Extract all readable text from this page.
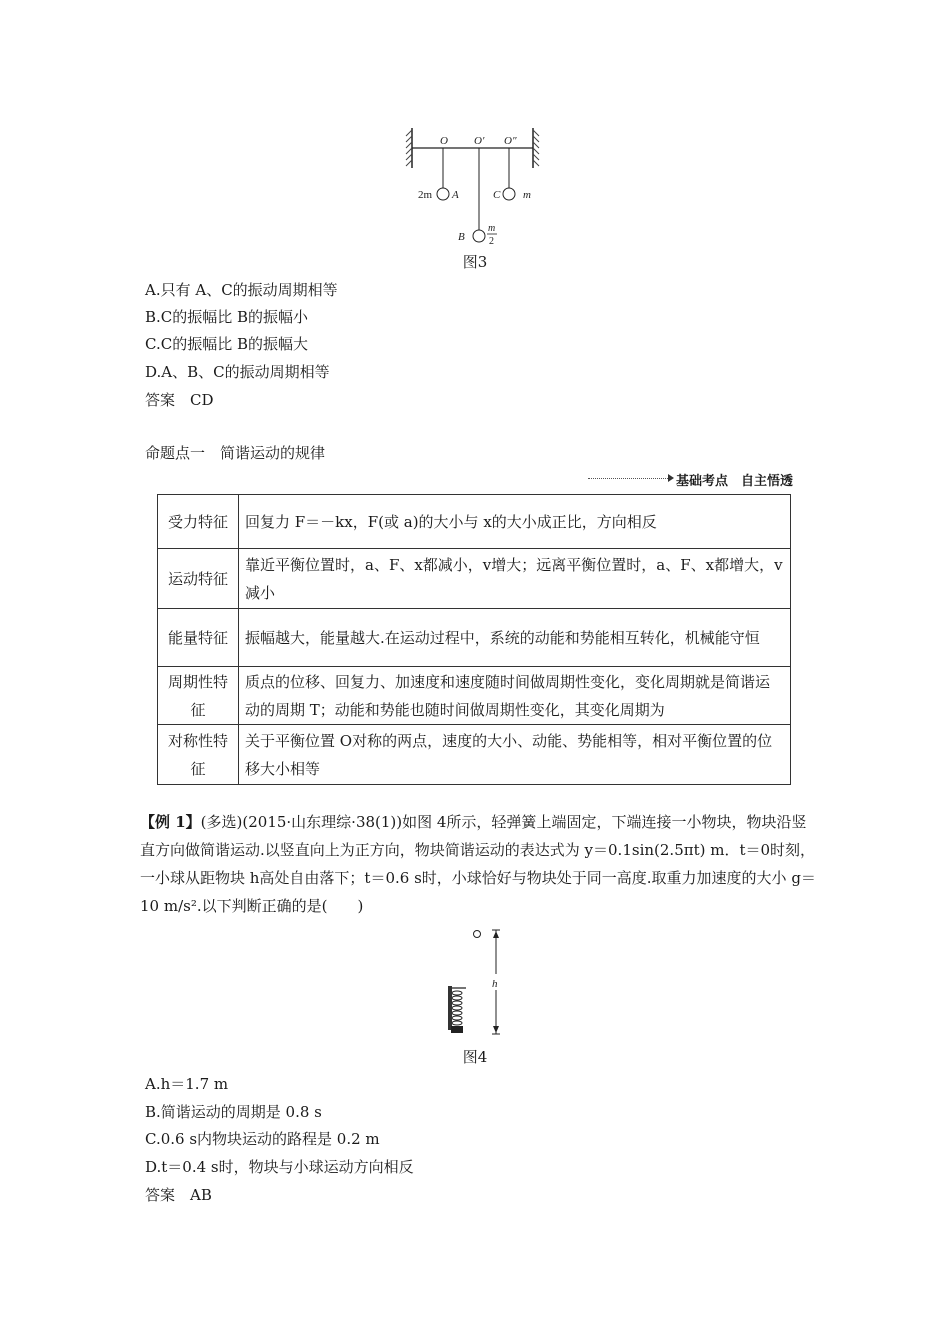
O O′ O″
2m A	C m
B
m
2
图3
A.只有 A、C的振动周期相等
B.C的振幅比 B的振幅小
C.C的振幅比 B的振幅大
D.A、B、C的振动周期相等
答案　CD
命题点一　简谐运动的规律
基础考点　自主悟透
受力特征	回复力 F＝－kx，F(或 a)的大小与 x的大小成正比，方向相反
运动特征	靠近平衡位置时，a、F、x都减小，v增大；远离平衡位置时，a、F、x都增大，v减小
能量特征	振幅越大，能量越大.在运动过程中，系统的动能和势能相互转化，机械能守恒
周期性特征	质点的位移、回复力、加速度和速度随时间做周期性变化，变化周期就是简谐运动的周期 T；动能和势能也随时间做周期性变化，其变化周期为
对称性特征	关于平衡位置 O对称的两点，速度的大小、动能、势能相等，相对平衡位置的位移大小相等
【例 1】(多选)(2015·山东理综·38(1))如图 4所示，轻弹簧上端固定，下端连接一小物块，物块沿竖直方向做简谐运动.以竖直向上为正方向，物块简谐运动的表达式为 y＝0.1sin(2.5πt) m．t＝0时刻，一小球从距物块 h高处自由落下；t＝0.6 s时，小球恰好与物块处于同一高度.取重力加速度的大小 g＝10 m/s².以下判断正确的是(　　)
h
图4
A.h＝1.7 m
B.简谐运动的周期是 0.8 s
C.0.6 s内物块运动的路程是 0.2 m
D.t＝0.4 s时，物块与小球运动方向相反
答案　AB
